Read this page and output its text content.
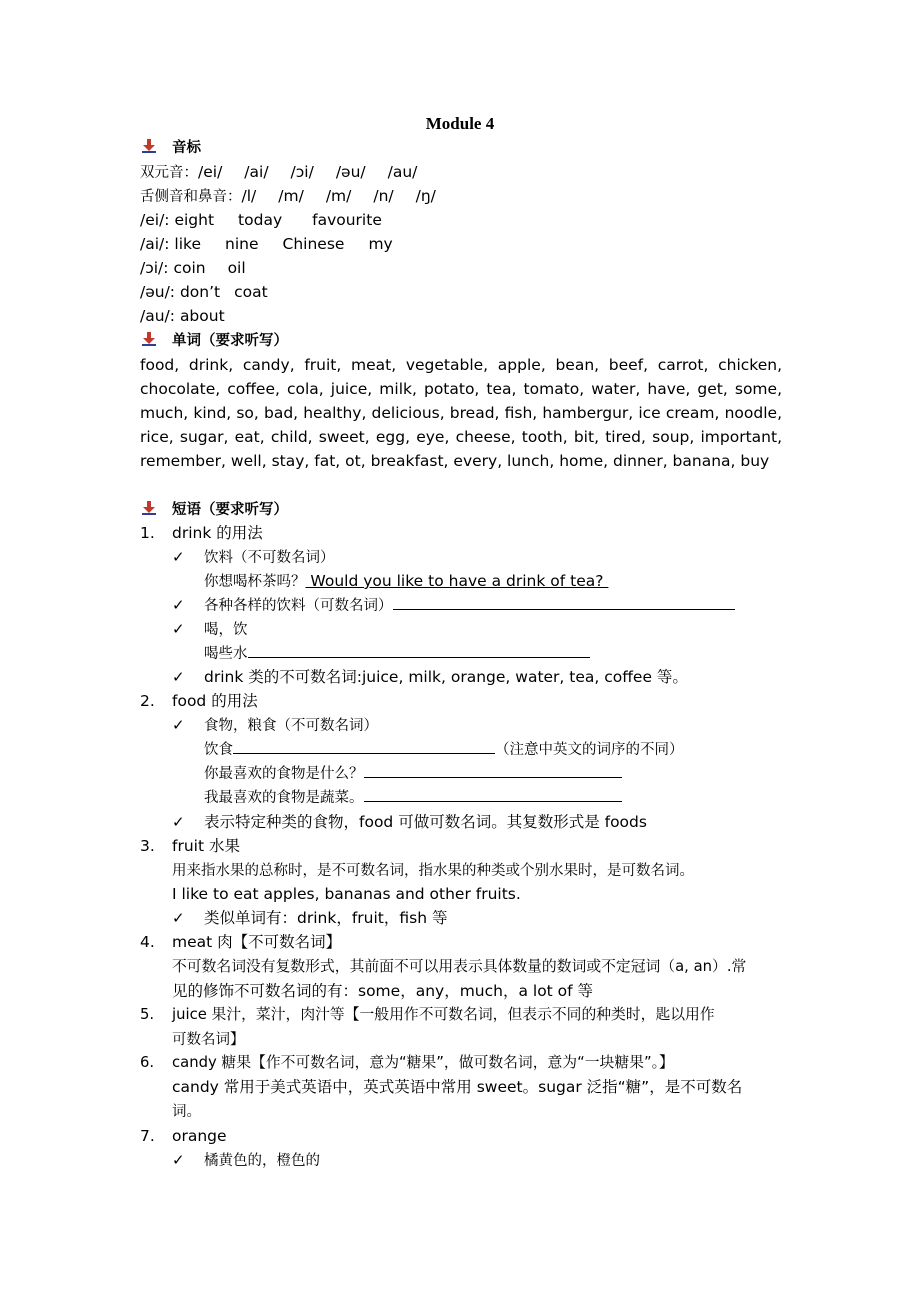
Module 4
音标
双元音：/ei/ /ai/ /ɔi/ /əu/ /au/
舌侧音和鼻音：/l/ /m/ /m/ /n/ /ŋ/
/ei/: eight today favourite
/ai/: like nine Chinese my
/ɔi/: coin oil
/əu/: don’t coat
/au/: about
单词（要求听写）
food, drink, candy, fruit, meat, vegetable, apple, bean, beef, carrot, chicken, chocolate, coffee, cola, juice, milk, potato, tea, tomato, water, have, get, some, much, kind, so, bad, healthy, delicious, bread, fish, hambergur, ice cream, noodle, rice, sugar, eat, child, sweet, egg, eye, cheese, tooth, bit, tired, soup, important, remember, well, stay, fat, ot, breakfast, every, lunch, home, dinner, banana, buy
短语（要求听写）
1. drink 的用法
✓ 饮料（不可数名词）
你想喝杯茶吗？ Would you like to have a drink of tea?
✓ 各种各样的饮料（可数名词）
✓ 喝，饮
喝些水
✓ drink 类的不可数名词:juice, milk, orange, water, tea, coffee 等。
2. food 的用法
✓ 食物，粮食（不可数名词）
饮食	（注意中英文的词序的不同）
你最喜欢的食物是什么？
我最喜欢的食物是蔬菜。
✓ 表示特定种类的食物，food 可做可数名词。其复数形式是 foods
3. fruit 水果
用来指水果的总称时，是不可数名词，指水果的种类或个别水果时，是可数名词。
I like to eat apples, bananas and other fruits.
✓ 类似单词有：drink，fruit，fish 等
4. meat 肉【不可数名词】
不可数名词没有复数形式，其前面不可以用表示具体数量的数词或不定冠词（a, an）.常
见的修饰不可数名词的有：some，any，much，a lot of 等
5. juice 果汁，菜汁，肉汁等【一般用作不可数名词，但表示不同的种类时，匙以用作
可数名词】
6. candy 糖果【作不可数名词，意为“糖果”，做可数名词，意为“一块糖果”。】
candy 常用于美式英语中，英式英语中常用 sweet。sugar 泛指“糖”，是不可数名
词。
7. orange
✓ 橘黄色的，橙色的
